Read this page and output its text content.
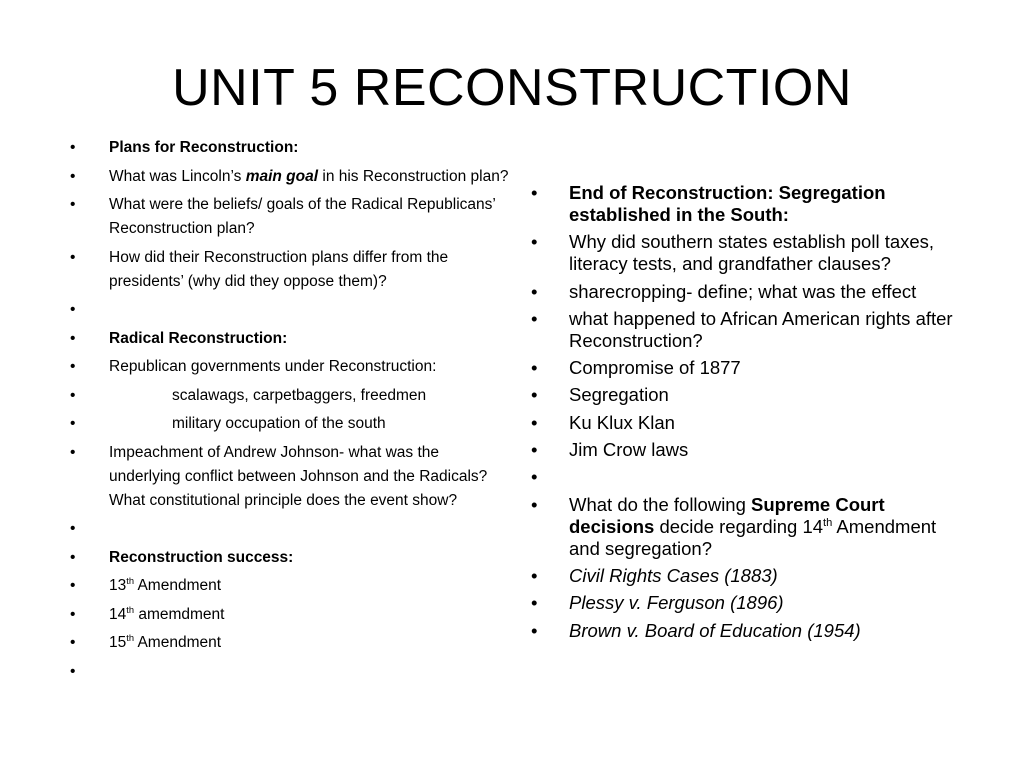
UNIT 5 RECONSTRUCTION
• Plans for Reconstruction:
• What was Lincoln’s main goal in his Reconstruction plan?
• What were the beliefs/ goals of the Radical Republicans’ Reconstruction plan?
• How did their Reconstruction plans differ from the presidents’ (why did they oppose them)?
•
• Radical Reconstruction:
• Republican governments under Reconstruction:
• scalawags, carpetbaggers, freedmen
• military occupation of the south
• Impeachment of Andrew Johnson- what was the underlying conflict between Johnson and the Radicals? What constitutional principle does the event show?
•
• Reconstruction success:
• 13th Amendment
• 14th amemdment
• 15th Amendment
•
• End of Reconstruction: Segregation established in the South:
• Why did southern states establish poll taxes, literacy tests, and grandfather clauses?
• sharecropping- define; what was the effect
• what happened to African American rights after Reconstruction?
• Compromise of 1877
• Segregation
• Ku Klux Klan
• Jim Crow laws
•
• What do the following Supreme Court decisions decide regarding 14th Amendment and segregation?
• Civil Rights Cases (1883)
• Plessy v. Ferguson (1896)
• Brown v. Board of Education (1954)
